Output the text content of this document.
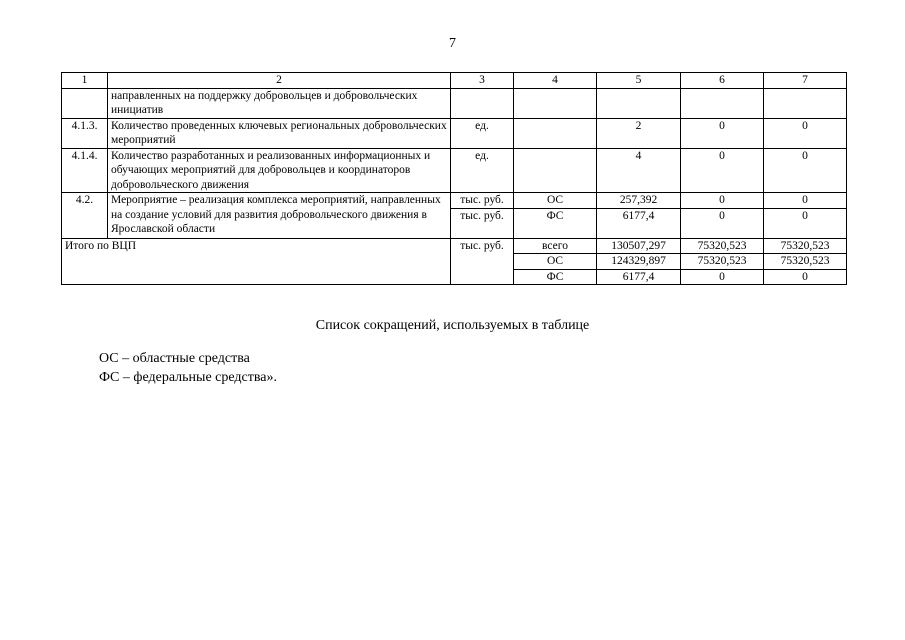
7
1	2	3	4	5	6	7
	направленных на поддержку добровольцев и добровольческих инициатив					
4.1.3.	Количество проведенных ключевых региональных добровольческих мероприятий	ед.		2	0	0
4.1.4.	Количество разработанных и реализованных информационных и обучающих мероприятий для добровольцев и координаторов добровольческого движения	ед.		4	0	0
4.2.	Мероприятие – реализация комплекса мероприятий, направленных на создание условий для развития добровольческого движения в Ярославской области	тыс. руб.	ОС	257,392	0	0
		тыс. руб.	ФС	6177,4	0	0
Итого по ВЦП		тыс. руб.	всего	130507,297	75320,523	75320,523
			ОС	124329,897	75320,523	75320,523
			ФС	6177,4	0	0
Список сокращений, используемых в таблице
ОС – областные средства
ФС – федеральные средства».
